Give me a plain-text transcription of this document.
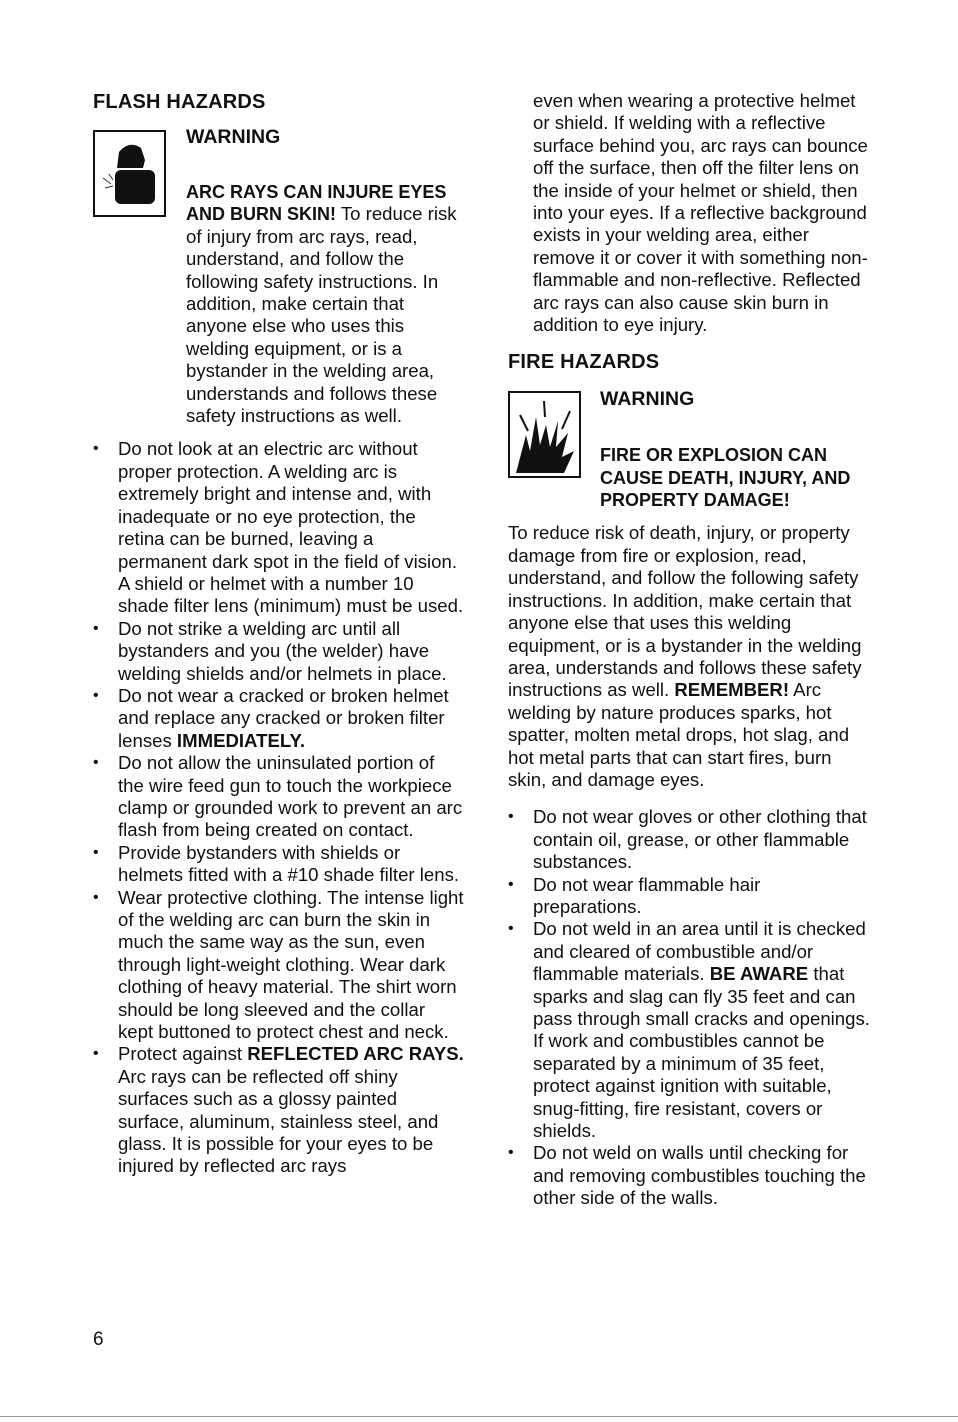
FLASH HAZARDS
WARNING

ARC RAYS CAN INJURE EYES AND BURN SKIN! To reduce risk of injury from arc rays, read, understand, and follow the following safety instructions. In addition, make certain that anyone else who uses this welding equipment, or is a bystander in the welding area, understands and follows these safety instructions as well.

• Do not look at an electric arc without proper protection. A welding arc is extremely bright and intense and, with inadequate or no eye protection, the retina can be burned, leaving a permanent dark spot in the field of vision. A shield or helmet with a number 10 shade filter lens (minimum) must be used.
• Do not strike a welding arc until all bystanders and you (the welder) have welding shields and/or helmets in place.
• Do not wear a cracked or broken helmet and replace any cracked or broken filter lenses IMMEDIATELY.
• Do not allow the uninsulated portion of the wire feed gun to touch the workpiece clamp or grounded work to prevent an arc flash from being created on contact.
• Provide bystanders with shields or helmets fitted with a #10 shade filter lens.
• Wear protective clothing. The intense light of the welding arc can burn the skin in much the same way as the sun, even through light-weight clothing. Wear dark clothing of heavy material. The shirt worn should be long sleeved and the collar kept buttoned to protect chest and neck.
• Protect against REFLECTED ARC RAYS. Arc rays can be reflected off shiny surfaces such as a glossy painted surface, aluminum, stainless steel, and glass. It is possible for your eyes to be injured by reflected arc rays

even when wearing a protective helmet or shield. If welding with a reflective surface behind you, arc rays can bounce off the surface, then off the filter lens on the inside of your helmet or shield, then into your eyes. If a reflective background exists in your welding area, either remove it or cover it with something non-flammable and non-reflective. Reflected arc rays can also cause skin burn in addition to eye injury.

FIRE HAZARDS
WARNING
FIRE OR EXPLOSION CAN CAUSE DEATH, INJURY, AND PROPERTY DAMAGE!

To reduce risk of death, injury, or property damage from fire or explosion, read, understand, and follow the following safety instructions. In addition, make certain that anyone else that uses this welding equipment, or is a bystander in the welding area, understands and follows these safety instructions as well. REMEMBER! Arc welding by nature produces sparks, hot spatter, molten metal drops, hot slag, and hot metal parts that can start fires, burn skin, and damage eyes.

• Do not wear gloves or other clothing that contain oil, grease, or other flammable substances.
• Do not wear flammable hair preparations.
• Do not weld in an area until it is checked and cleared of combustible and/or flammable materials. BE AWARE that sparks and slag can fly 35 feet and can pass through small cracks and openings. If work and combustibles cannot be separated by a minimum of 35 feet, protect against ignition with suitable, snug-fitting, fire resistant, covers or shields.
• Do not weld on walls until checking for and removing combustibles touching the other side of the walls.
6
